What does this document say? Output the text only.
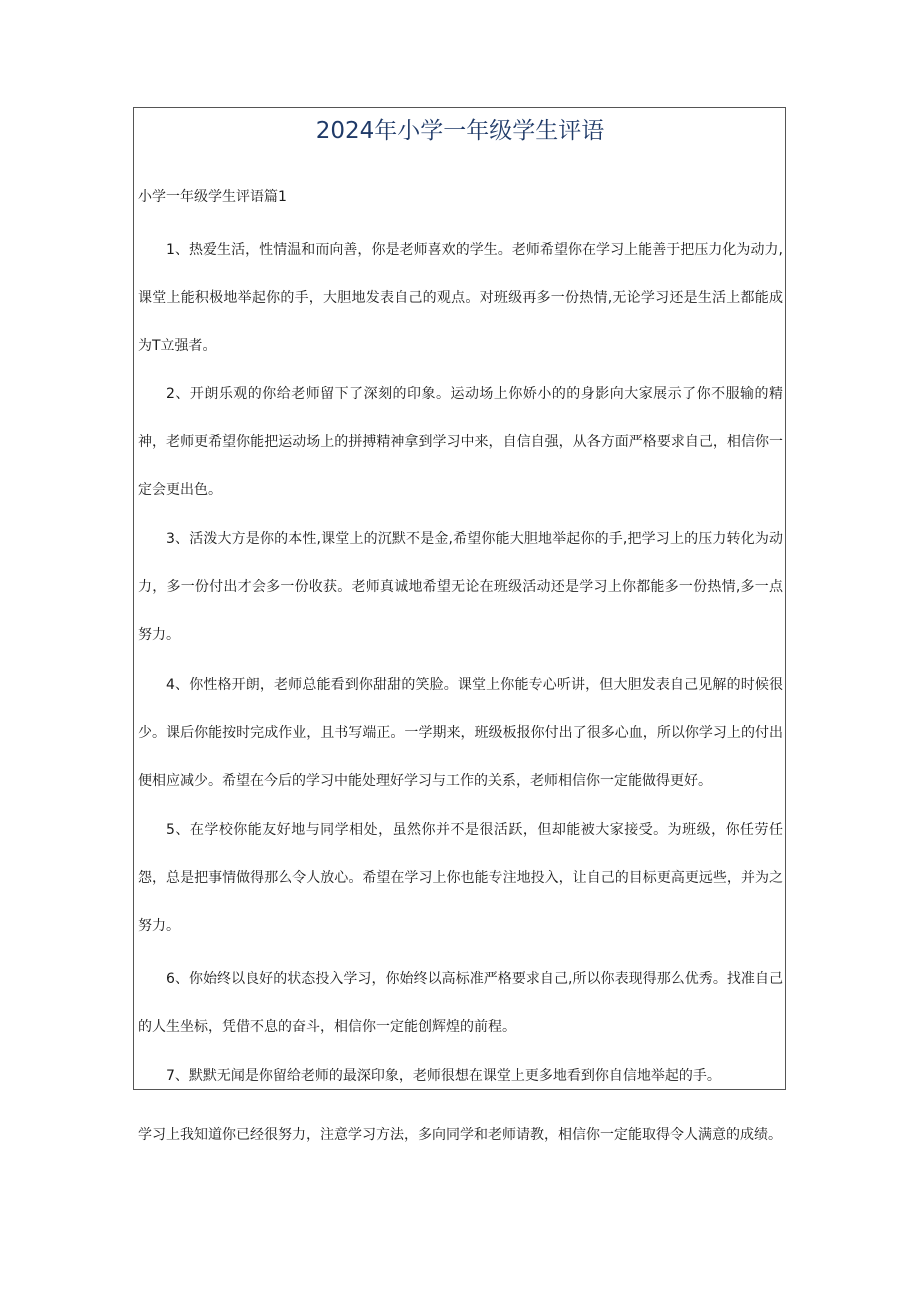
2024年小学一年级学生评语
小学一年级学生评语篇1

1、热爱生活，性情温和而向善，你是老师喜欢的学生。老师希望你在学习上能善于把压力化为动力,课堂上能积极地举起你的手，大胆地发表自己的观点。对班级再多一份热情,无论学习还是生活上都能成为T立强者。

2、开朗乐观的你给老师留下了深刻的印象。运动场上你娇小的的身影向大家展示了你不服输的精神，老师更希望你能把运动场上的拼搏精神拿到学习中来，自信自强，从各方面严格要求自己，相信你一定会更出色。

3、活泼大方是你的本性,课堂上的沉默不是金,希望你能大胆地举起你的手,把学习上的压力转化为动力，多一份付出才会多一份收获。老师真诚地希望无论在班级活动还是学习上你都能多一份热情,多一点努力。

4、你性格开朗，老师总能看到你甜甜的笑脸。课堂上你能专心听讲，但大胆发表自己见解的时候很少。课后你能按时完成作业，且书写端正。一学期来，班级板报你付出了很多心血，所以你学习上的付出便相应减少。希望在今后的学习中能处理好学习与工作的关系，老师相信你一定能做得更好。

5、在学校你能友好地与同学相处，虽然你并不是很活跃，但却能被大家接受。为班级，你任劳任怨，总是把事情做得那么令人放心。希望在学习上你也能专注地投入，让自己的目标更高更远些，并为之努力。

6、你始终以良好的状态投入学习，你始终以高标准严格要求自己,所以你表现得那么优秀。找准自己的人生坐标，凭借不息的奋斗，相信你一定能创辉煌的前程。

7、默默无闻是你留给老师的最深印象，老师很想在课堂上更多地看到你自信地举起的手。

学习上我知道你已经很努力，注意学习方法，多向同学和老师请教，相信你一定能取得令人满意的成绩。
